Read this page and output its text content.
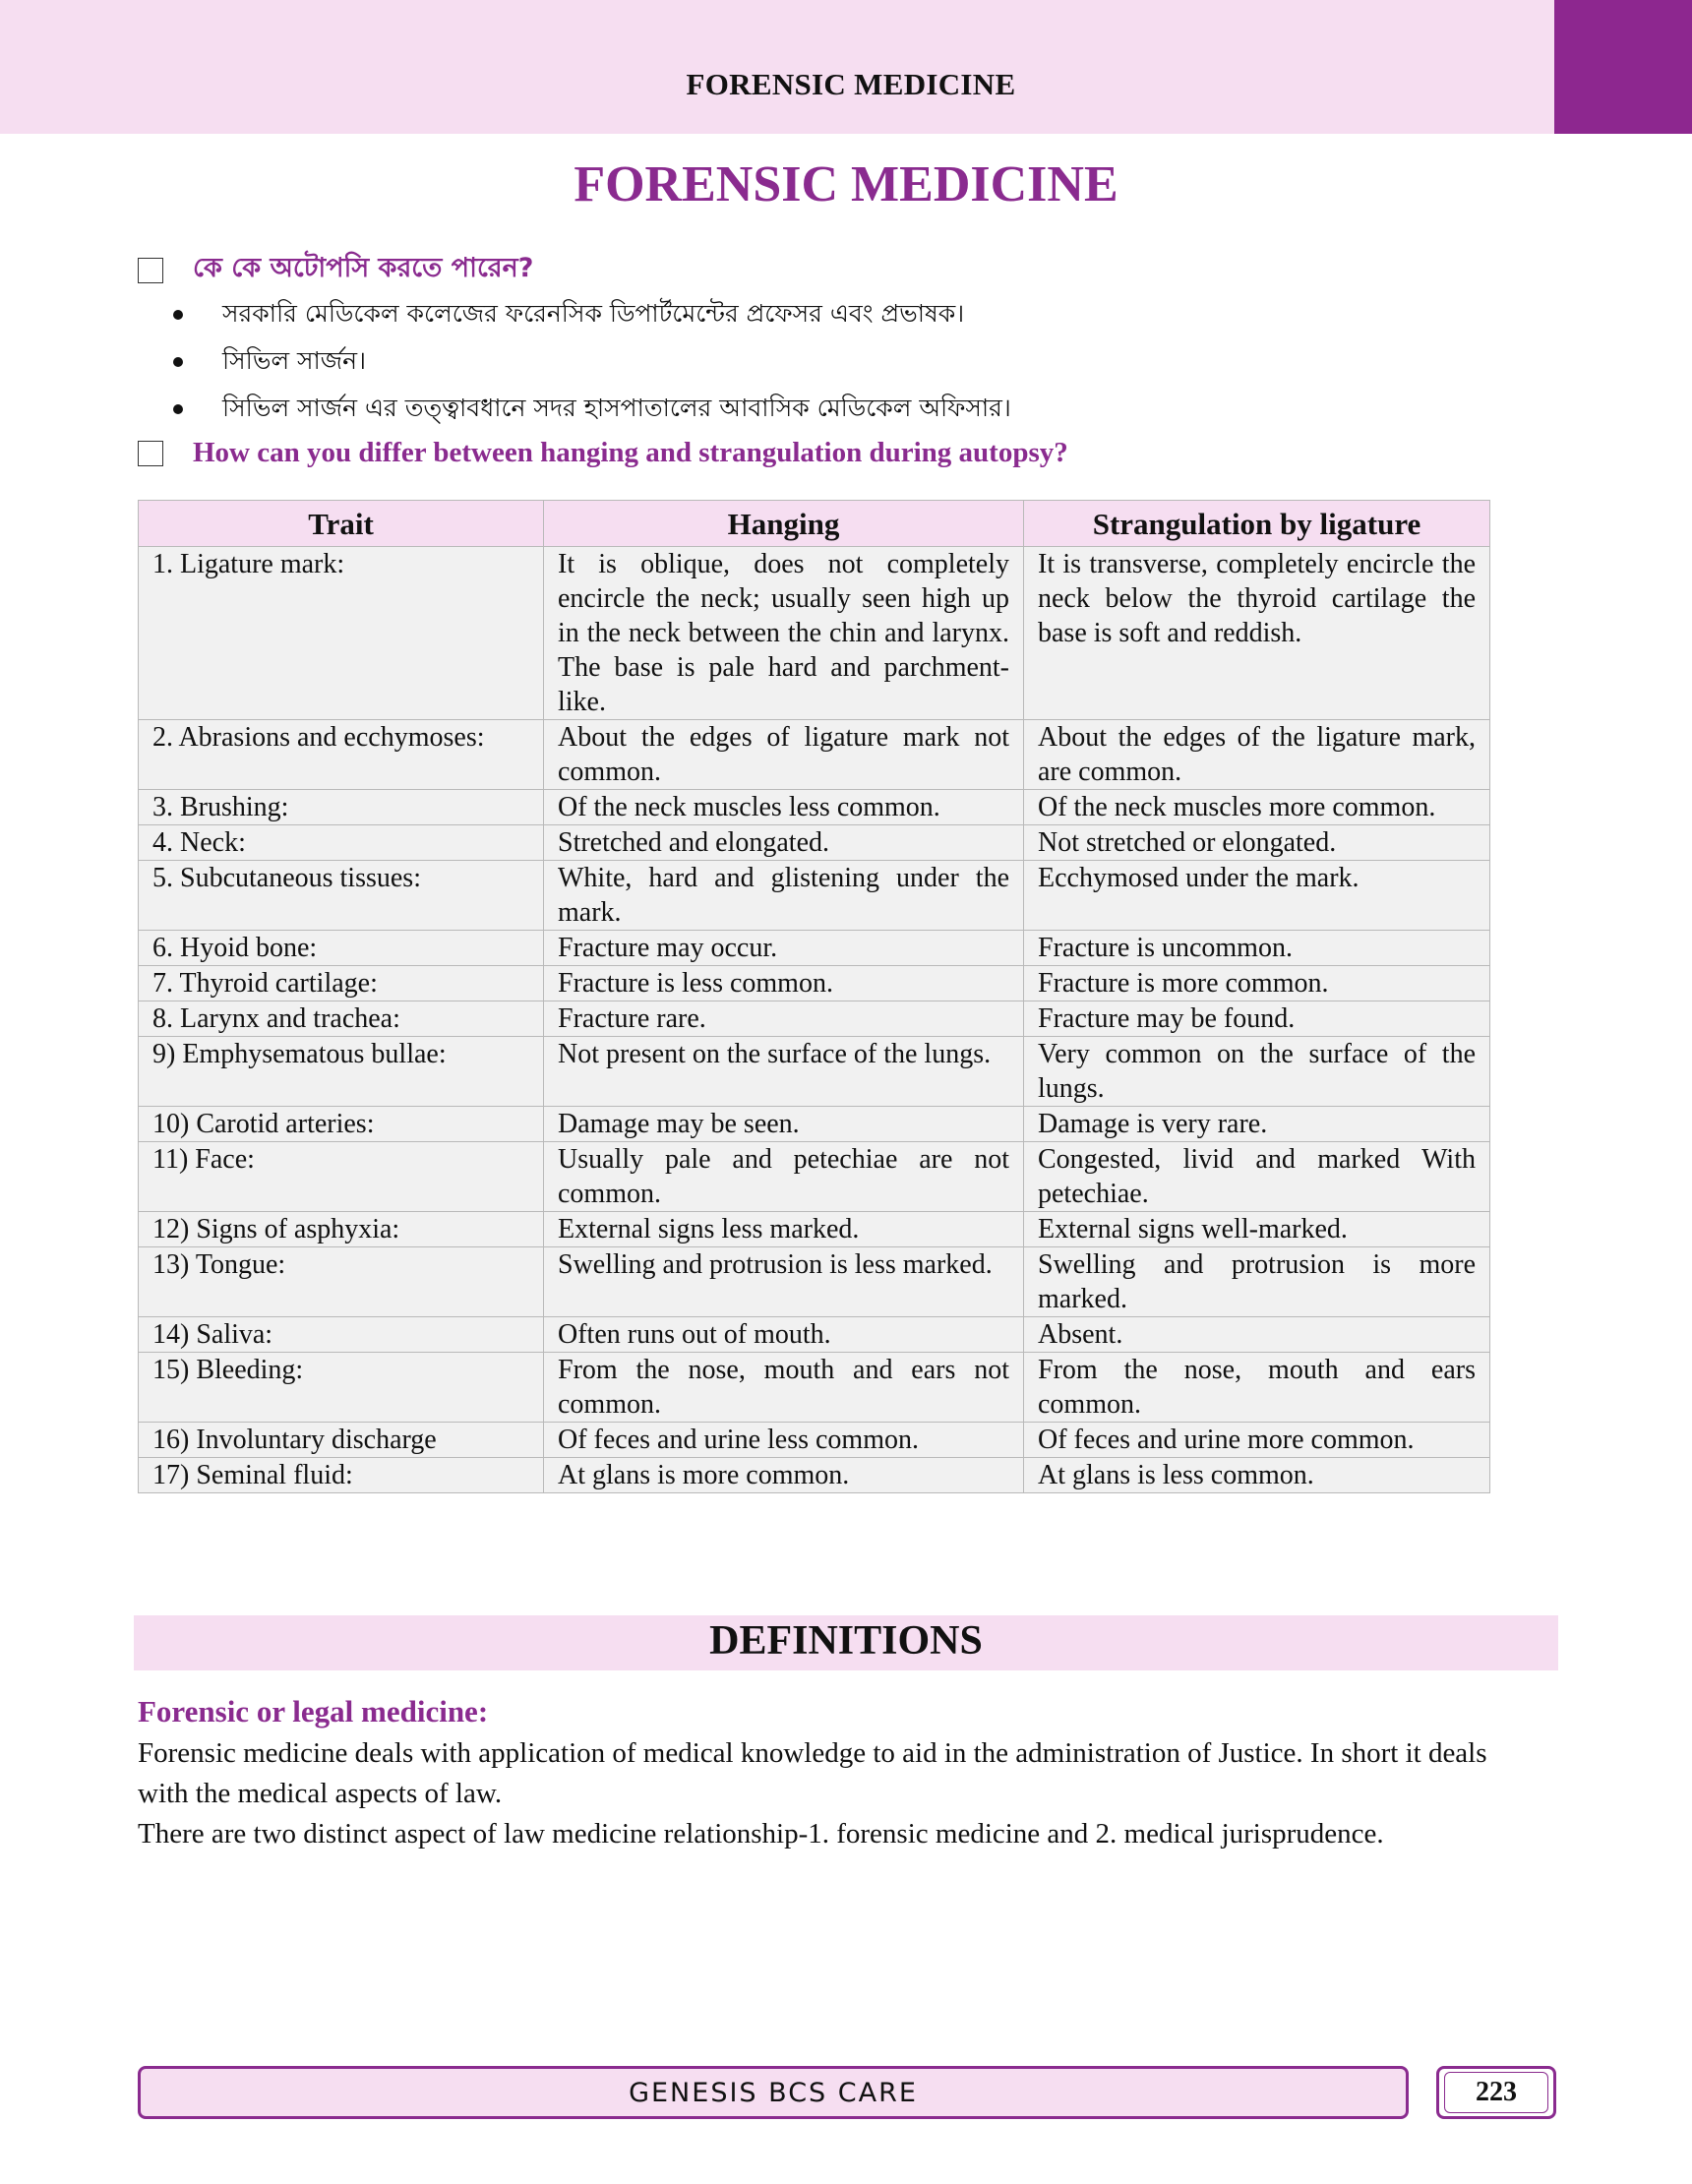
FORENSIC MEDICINE
FORENSIC MEDICINE
কে কে অটোপসি করতে পারেন?
সরকারি মেডিকেল কলেজের ফরেনসিক ডিপার্টমেন্টের প্রফেসর এবং প্রভাষক।
সিভিল সার্জন।
সিভিল সার্জন এর তত্ত্বাবধানে সদর হাসপাতালের আবাসিক মেডিকেল অফিসার।
How can you differ between hanging and strangulation during autopsy?
Trait	Hanging	Strangulation by ligature
1. Ligature mark:	It is oblique, does not completely encircle the neck; usually seen high up in the neck between the chin and larynx. The base is pale hard and parchment-like.	It is transverse, completely encircle the neck below the thyroid cartilage the base is soft and reddish.
2. Abrasions and ecchymoses:	About the edges of ligature mark not common.	About the edges of the ligature mark, are common.
3. Brushing:	Of the neck muscles less common.	Of the neck muscles more common.
4. Neck:	Stretched and elongated.	Not stretched or elongated.
5. Subcutaneous tissues:	White, hard and glistening under the mark.	Ecchymosed under the mark.
6. Hyoid bone:	Fracture may occur.	Fracture is uncommon.
7. Thyroid cartilage:	Fracture is less common.	Fracture is more common.
8. Larynx and trachea:	Fracture rare.	Fracture may be found.
9) Emphysematous bullae:	Not present on the surface of the lungs.	Very common on the surface of the lungs.
10) Carotid arteries:	Damage may be seen.	Damage is very rare.
11) Face:	Usually pale and petechiae are not common.	Congested, livid and marked With petechiae.
12) Signs of asphyxia:	External signs less marked.	External signs well-marked.
13) Tongue:	Swelling and protrusion is less marked.	Swelling and protrusion is more marked.
14) Saliva:	Often runs out of mouth.	Absent.
15) Bleeding:	From the nose, mouth and ears not common.	From the nose, mouth and ears common.
16) Involuntary discharge	Of feces and urine less common.	Of feces and urine more common.
17) Seminal fluid:	At glans is more common.	At glans is less common.
DEFINITIONS
Forensic or legal medicine:

Forensic medicine deals with application of medical knowledge to aid in the administration of Justice. In short it deals with the medical aspects of law.

There are two distinct aspect of law medicine relationship-1. forensic medicine and 2. medical jurisprudence.

GENESIS BCS CARE	223
